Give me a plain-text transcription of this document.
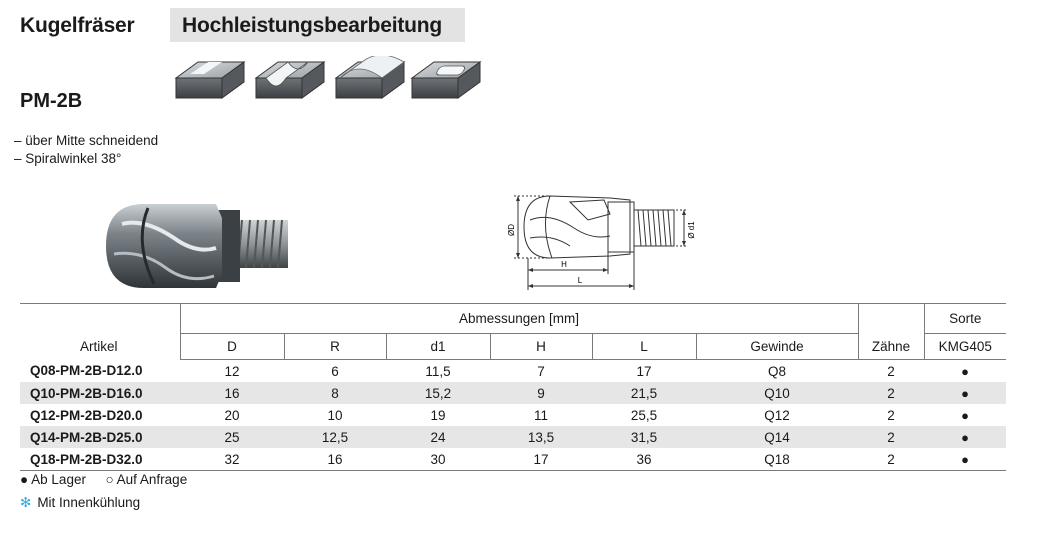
Kugelfräser Hochleistungsbearbeitung
PM-2B
– über Mitte schneidend
– Spiralwinkel 38°
ØD	Ø d1
H
L
Artikel	Abmessungen [mm]							Sorte
	D	R	d1	H	L	Gewinde	Zähne	KMG405
Q08-PM-2B-D12.0	12	6	11,5	7	17	Q8	2	●
Q10-PM-2B-D16.0	16	8	15,2	9	21,5	Q10	2	●
Q12-PM-2B-D20.0	20	10	19	11	25,5	Q12	2	●
Q14-PM-2B-D25.0	25	12,5	24	13,5	31,5	Q14	2	●
Q18-PM-2B-D32.0	32	16	30	17	36	Q18	2	●
● Ab Lager ○ Auf Anfrage
✻ Mit Innenkühlung
